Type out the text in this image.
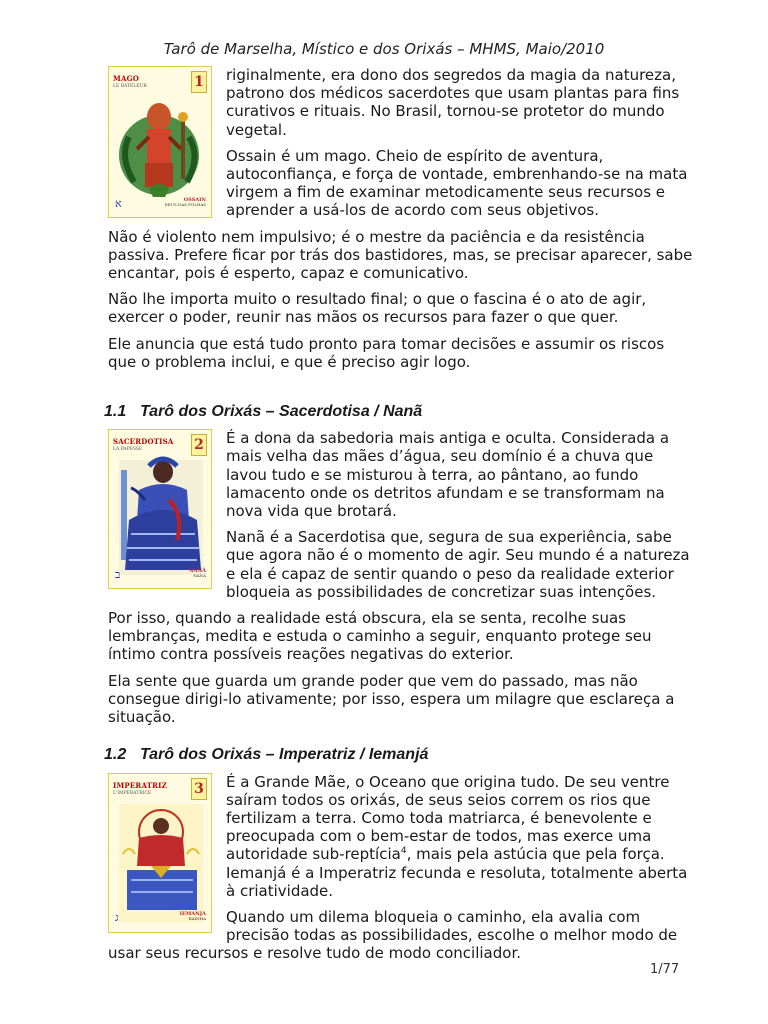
Tarô de Marselha, Místico e dos Orixás – MHMS, Maio/2010
MAGO
LE BATELEUR	1
א	OSSAIN
DEUS DAS FOLHAS

riginalmente, era dono dos segredos da magia da natureza, patrono dos médicos sacerdotes que usam plantas para fins curativos e rituais. No Brasil, tornou-se protetor do mundo vegetal.

Ossain é um mago. Cheio de espírito de aventura, autoconfiança, e força de vontade, embrenhando-se na mata virgem a fim de examinar metodicamente seus recursos e aprender a usá-los de acordo com seus objetivos.

Não é violento nem impulsivo; é o mestre da paciência e da resistência passiva. Prefere ficar por trás dos bastidores, mas, se precisar aparecer, sabe encantar, pois é esperto, capaz e comunicativo.

Não lhe importa muito o resultado final; o que o fascina é o ato de agir, exercer o poder, reunir nas mãos os recursos para fazer o que quer.

Ele anuncia que está tudo pronto para tomar decisões e assumir os riscos que o problema inclui, e que é preciso agir logo.

1.1 Tarô dos Orixás – Sacerdotisa / Nanã
SACERDOTISA
LA PAPESSE	2
ב	NANÃ
NANÃ

É a dona da sabedoria mais antiga e oculta. Considerada a mais velha das mães d’água, seu domínio é a chuva que lavou tudo e se misturou à terra, ao pântano, ao fundo lamacento onde os detritos afundam e se transformam na nova vida que brotará.

Nanã é a Sacerdotisa que, segura de sua experiência, sabe que agora não é o momento de agir. Seu mundo é a natureza e ela é capaz de sentir quando o peso da realidade exterior bloqueia as possibilidades de concretizar suas intenções.

Por isso, quando a realidade está obscura, ela se senta, recolhe suas lembranças, medita e estuda o caminho a seguir, enquanto protege seu íntimo contra possíveis reações negativas do exterior.

Ela sente que guarda um grande poder que vem do passado, mas não consegue dirigi-lo ativamente; por isso, espera um milagre que esclareça a situação.

1.2 Tarô dos Orixás – Imperatriz / Iemanjá
IMPERATRIZ
L'IMPERATRICE	3
ג	IEMANJÁ
RAINHA

É a Grande Mãe, o Oceano que origina tudo. De seu ventre saíram todos os orixás, de seus seios correm os rios que fertilizam a terra. Como toda matriarca, é benevolente e preocupada com o bem-estar de todos, mas exerce uma autoridade sub-reptícia$^4$, mais pela astúcia que pela força. Iemanjá é a Imperatriz fecunda e resoluta, totalmente aberta à criatividade.

Quando um dilema bloqueia o caminho, ela avalia com precisão todas as possibilidades, escolhe o melhor modo de usar seus recursos e resolve tudo de modo conciliador.

1/77
